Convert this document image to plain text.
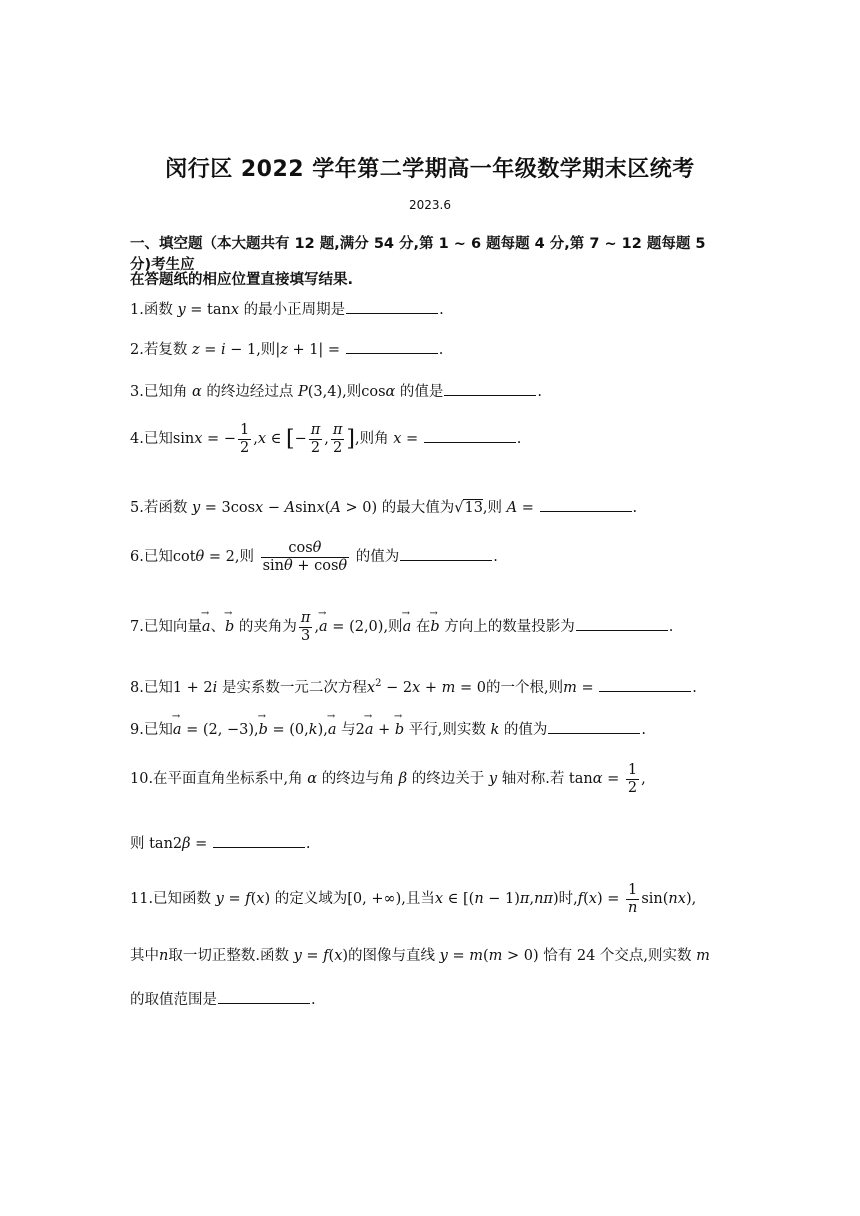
闵行区 2022 学年第二学期高一年级数学期末区统考
2023.6
一、填空题（本大题共有 12 题,满分 54 分,第 1 ~ 6 题每题 4 分,第 7 ~ 12 题每题 5 分)考生应
在答题纸的相应位置直接填写结果.
1.函数 y = tanx 的最小正周期是	.
2.若复数 z = i − 1,则|z + 1| =	.
3.已知角 α 的终边经过点 P(3,4),则cosα 的值是	.
4.已知sinx = − $\frac{1}{2} ,x$ ∈ [− $\frac{\pi}{2}$ , $\frac{\pi}{2}$ ],则角 x =	.
5.若函数 y = 3cosx − Asinx(A > 0) 的最大值为√13,则 A =	.
6.已知cotθ = 2,则 $\frac{\cos\theta}{\sin\theta + \cos\theta}$ 的值为	.
7.已知向量→ a、→ b 的夹角为 $\frac{\pi}{3}$ ,→ a = (2,0),则→ a 在→ b 方向上的数量投影为	.
8.已知1 + 2i 是实系数一元二次方程$x^2 - 2x + m = 0$的一个根,则m =	.
9.已知→ a = (2, −3),→ b = (0,k),→ a 与2→ a + → b 平行,则实数 k 的值为	.
10.在平面直角坐标系中,角 α 的终边与角 β 的终边关于 y 轴对称.若 $\tan\alpha = \frac{1}{2}$ ,
则 tan2β =	.
11.已知函数 y = f(x) 的定义域为[0, +∞),且当x ∈ [(n − 1)π,nπ)时$,f(x) = \frac{1}{n} \sin(nx)$,
其中n取一切正整数.函数 y = f(x)的图像与直线 y = m(m > 0) 恰有 24 个交点,则实数 m
的取值范围是	.
